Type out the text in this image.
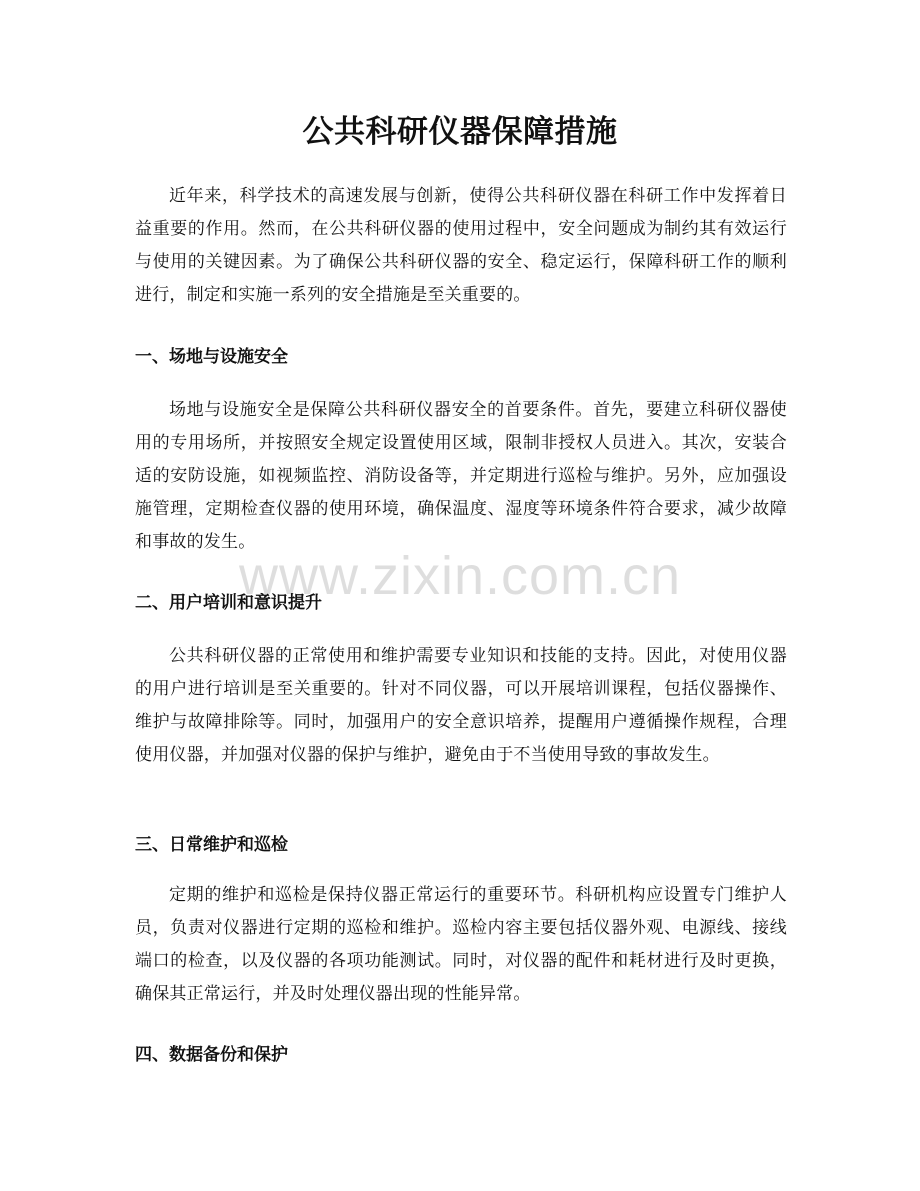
公共科研仪器保障措施
近年来，科学技术的高速发展与创新，使得公共科研仪器在科研工作中发挥着日益重要的作用。然而，在公共科研仪器的使用过程中，安全问题成为制约其有效运行与使用的关键因素。为了确保公共科研仪器的安全、稳定运行，保障科研工作的顺利进行，制定和实施一系列的安全措施是至关重要的。
一、场地与设施安全
场地与设施安全是保障公共科研仪器安全的首要条件。首先，要建立科研仪器使用的专用场所，并按照安全规定设置使用区域，限制非授权人员进入。其次，安装合适的安防设施，如视频监控、消防设备等，并定期进行巡检与维护。另外，应加强设施管理，定期检查仪器的使用环境，确保温度、湿度等环境条件符合要求，减少故障和事故的发生。
二、用户培训和意识提升
公共科研仪器的正常使用和维护需要专业知识和技能的支持。因此，对使用仪器的用户进行培训是至关重要的。针对不同仪器，可以开展培训课程，包括仪器操作、维护与故障排除等。同时，加强用户的安全意识培养，提醒用户遵循操作规程，合理使用仪器，并加强对仪器的保护与维护，避免由于不当使用导致的事故发生。
三、日常维护和巡检
定期的维护和巡检是保持仪器正常运行的重要环节。科研机构应设置专门维护人员，负责对仪器进行定期的巡检和维护。巡检内容主要包括仪器外观、电源线、接线端口的检查，以及仪器的各项功能测试。同时，对仪器的配件和耗材进行及时更换，确保其正常运行，并及时处理仪器出现的性能异常。
四、数据备份和保护
www.zixin.com.cn
